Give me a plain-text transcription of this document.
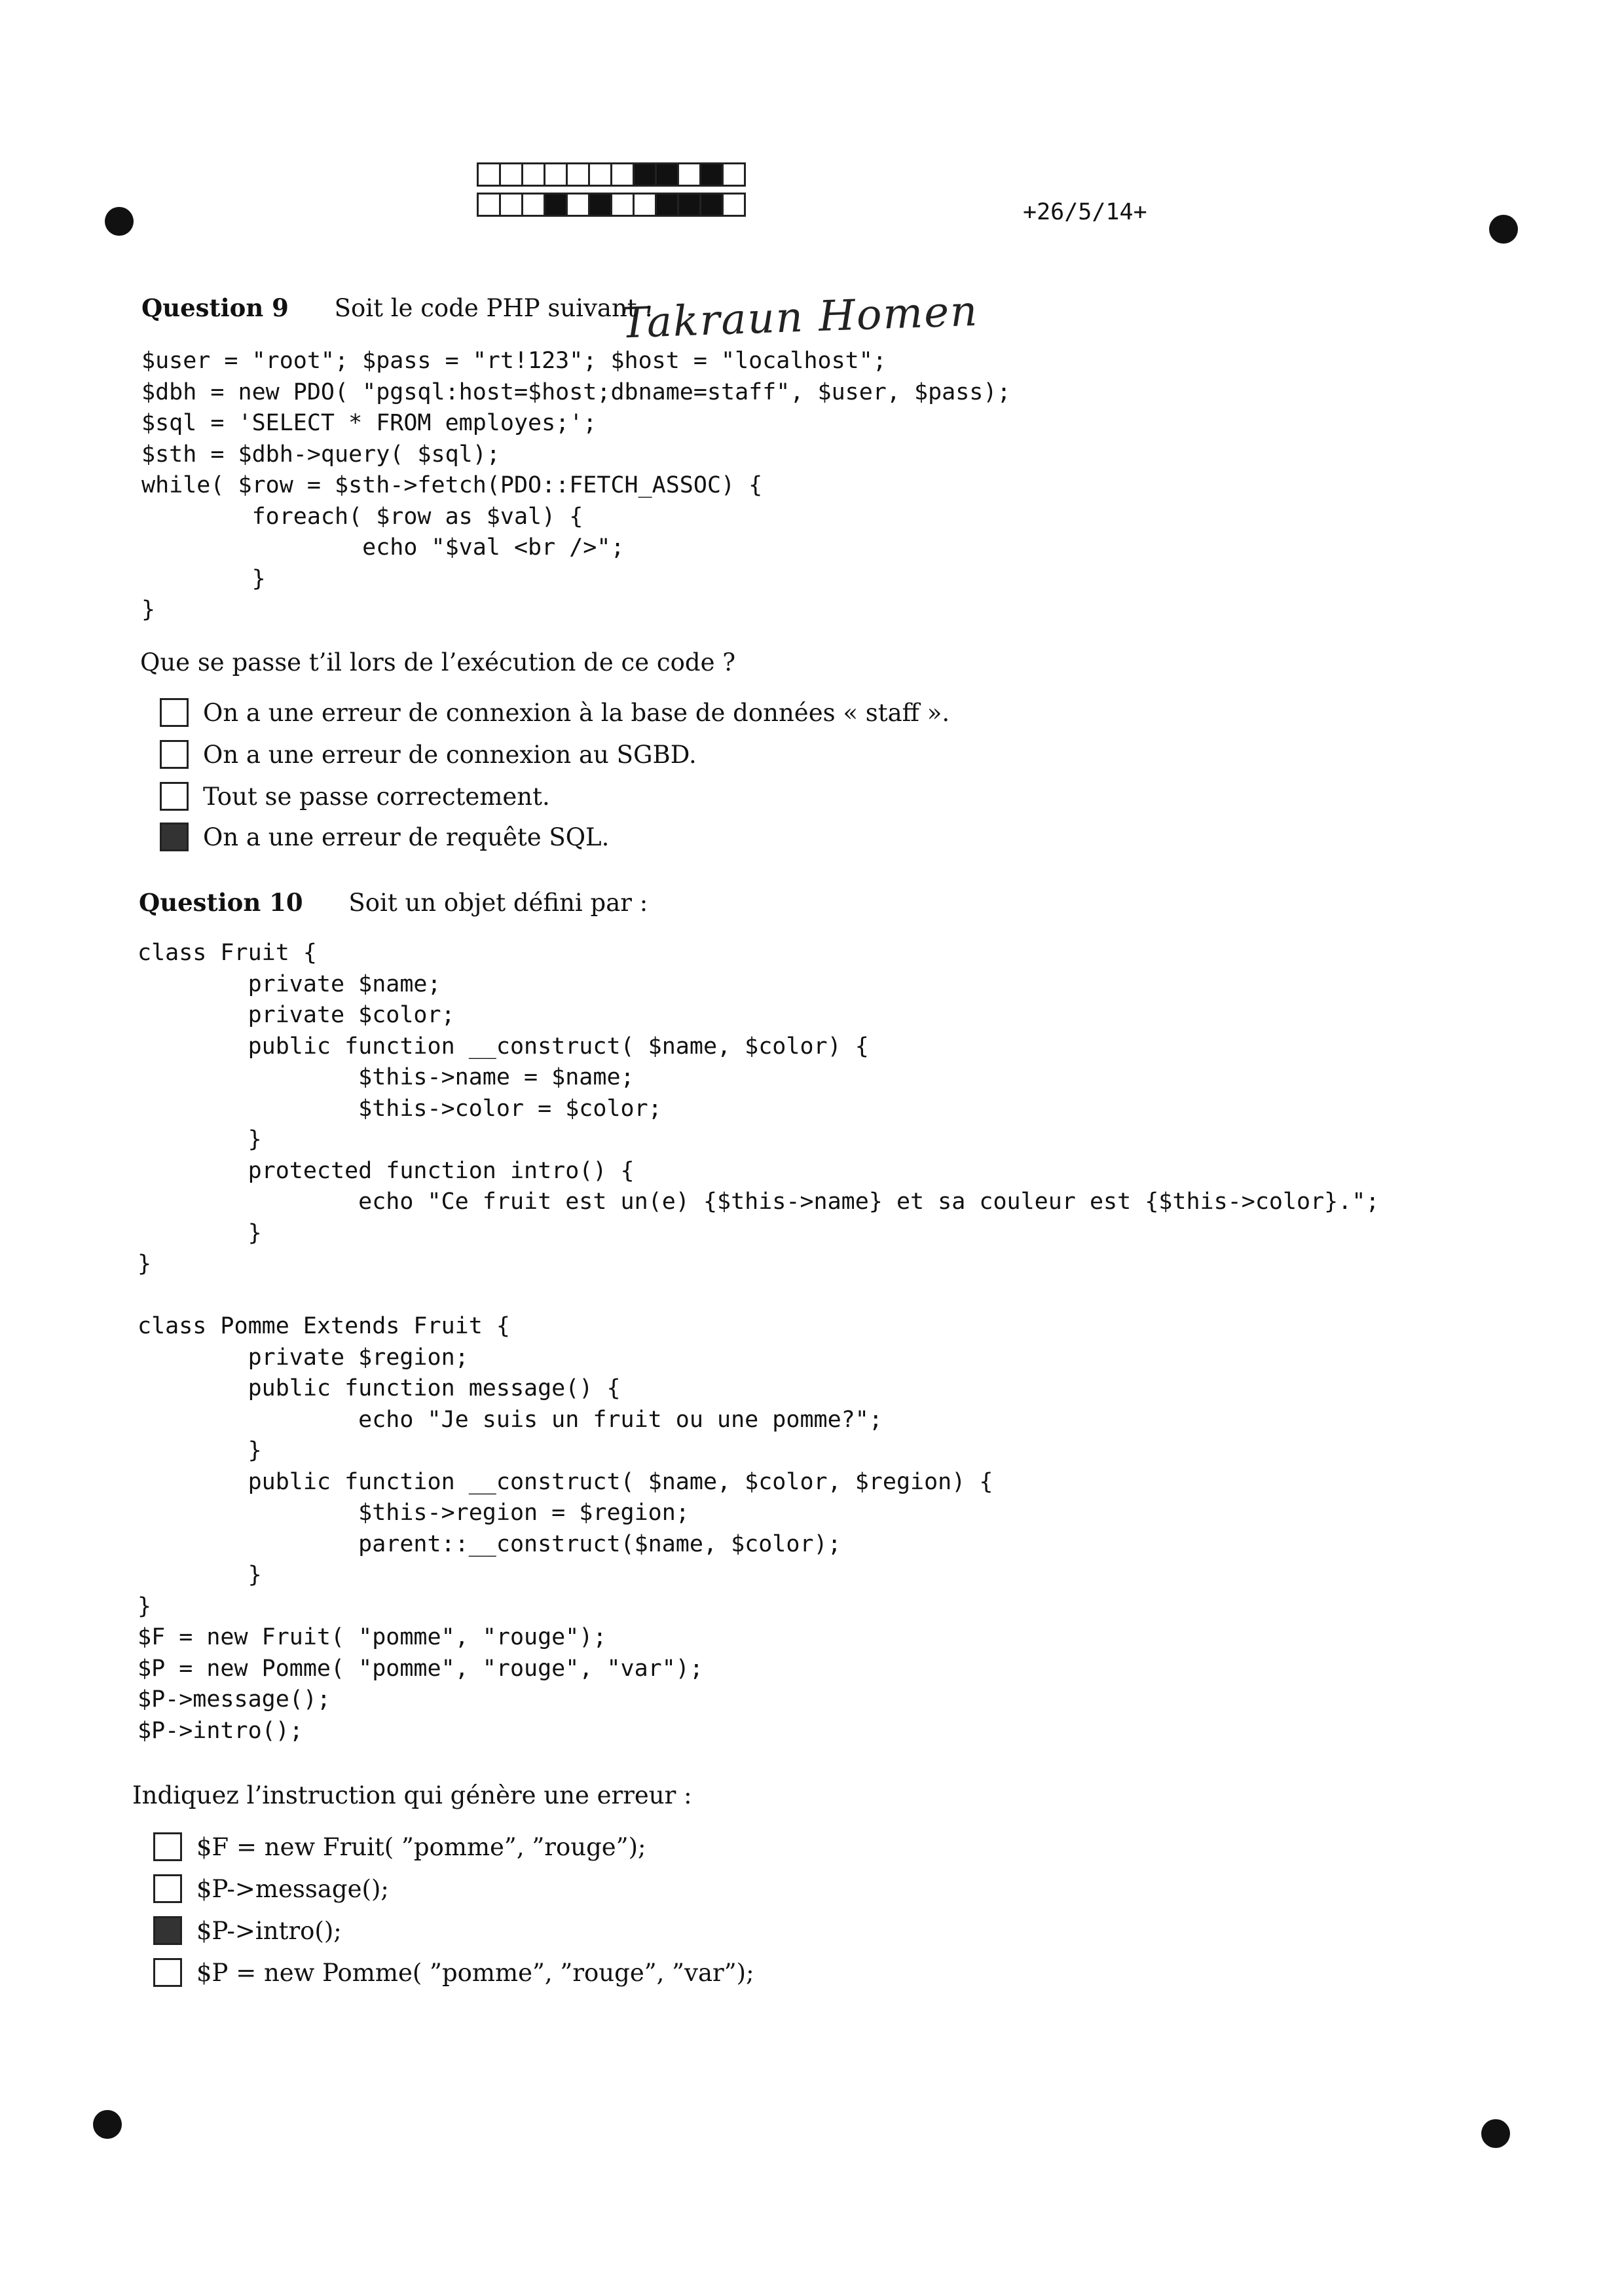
+26/5/14+
Takraun Homen
Question 9 Soit le code PHP suivant :
$user = "root"; $pass = "rt!123"; $host = "localhost";
$dbh = new PDO( "pgsql:host=$host;dbname=staff", $user, $pass);
$sql = 'SELECT * FROM employes;';
$sth = $dbh->query( $sql);
while( $row = $sth->fetch(PDO::FETCH_ASSOC) {
foreach( $row as $val) {
echo "$val <br />";
}
}
Que se passe t’il lors de l’exécution de ce code ?
On a une erreur de connexion à la base de données « staff ».
On a une erreur de connexion au SGBD.
Tout se passe correctement.
On a une erreur de requête SQL.
Question 10 Soit un objet défini par :
class Fruit {
private $name;
private $color;
public function __construct( $name, $color) {
$this->name = $name;
$this->color = $color;
}
protected function intro() {
echo "Ce fruit est un(e) {$this->name} et sa couleur est {$this->color}.";
}
}

class Pomme Extends Fruit {
private $region;
public function message() {
echo "Je suis un fruit ou une pomme?";
}
public function __construct( $name, $color, $region) {
$this->region = $region;
parent::__construct($name, $color);
}
}
$F = new Fruit( "pomme", "rouge");
$P = new Pomme( "pomme", "rouge", "var");
$P->message();
$P->intro();
Indiquez l’instruction qui génère une erreur :
$F = new Fruit( ”pomme”, ”rouge”);
$P->message();
$P->intro();
$P = new Pomme( ”pomme”, ”rouge”, ”var”);
